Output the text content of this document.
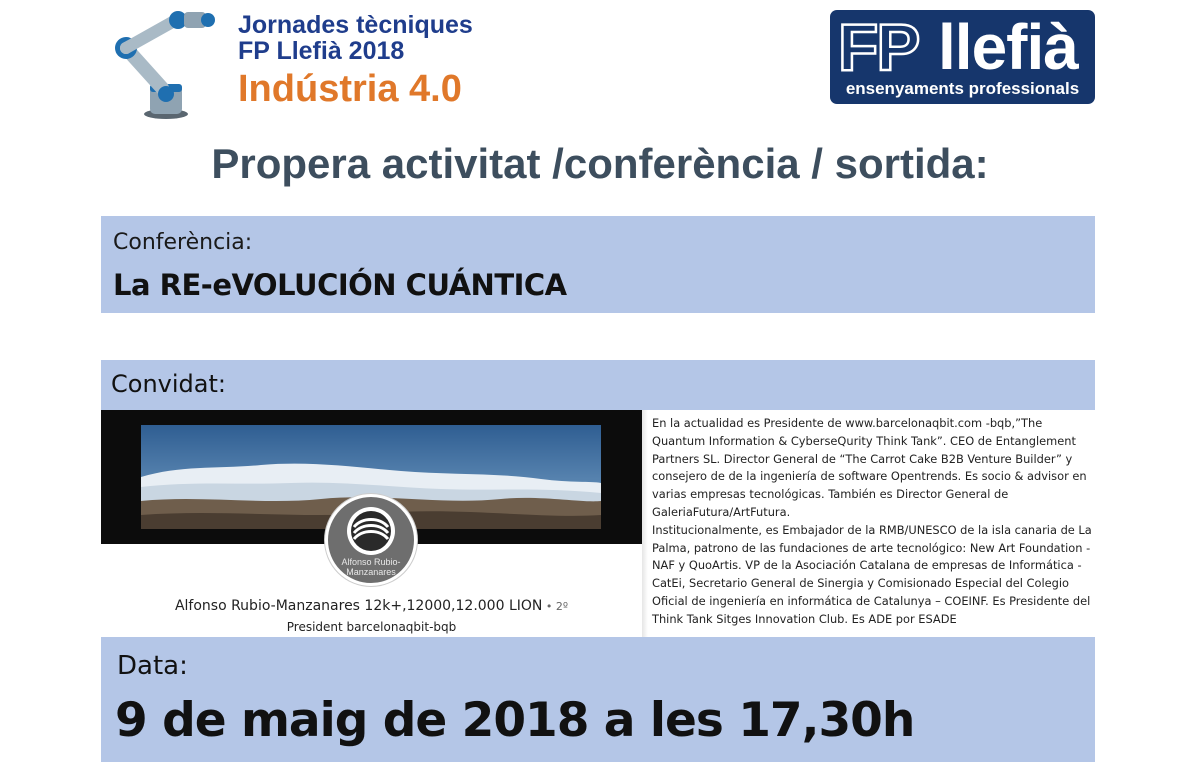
Jornades tècniques
FP Llefià 2018
Indústria 4.0
FP llefià
ensenyaments professionals
Propera activitat /conferència / sortida:
Conferència:
La RE-eVOLUCIÓN CUÁNTICA
Convidat:
Alfonso Rubio-Manzanares
Alfonso Rubio-Manzanares 12k+,12000,12.000 LION • 2º
President barcelonaqbit-bqb

En la actualidad es Presidente de www.barcelonaqbit.com -bqb,”The Quantum Information & CyberseQurity Think Tank”. CEO de Entanglement Partners SL. Director General de “The Carrot Cake B2B Venture Builder” y consejero de de la ingeniería de software Opentrends. Es socio & advisor en varias empresas tecnológicas. También es Director General de GaleriaFutura/ArtFutura.

Institucionalmente, es Embajador de la RMB/UNESCO de la isla canaria de La Palma, patrono de las fundaciones de arte tecnológico: New Art Foundation - NAF y QuoArtis. VP de la Asociación Catalana de empresas de Informática - CatEi, Secretario General de Sinergia y Comisionado Especial del Colegio Oficial de ingeniería en informática de Catalunya – COEINF. Es Presidente del Think Tank Sitges Innovation Club. Es ADE por ESADE

Data:
9 de maig de 2018 a les 17,30h
